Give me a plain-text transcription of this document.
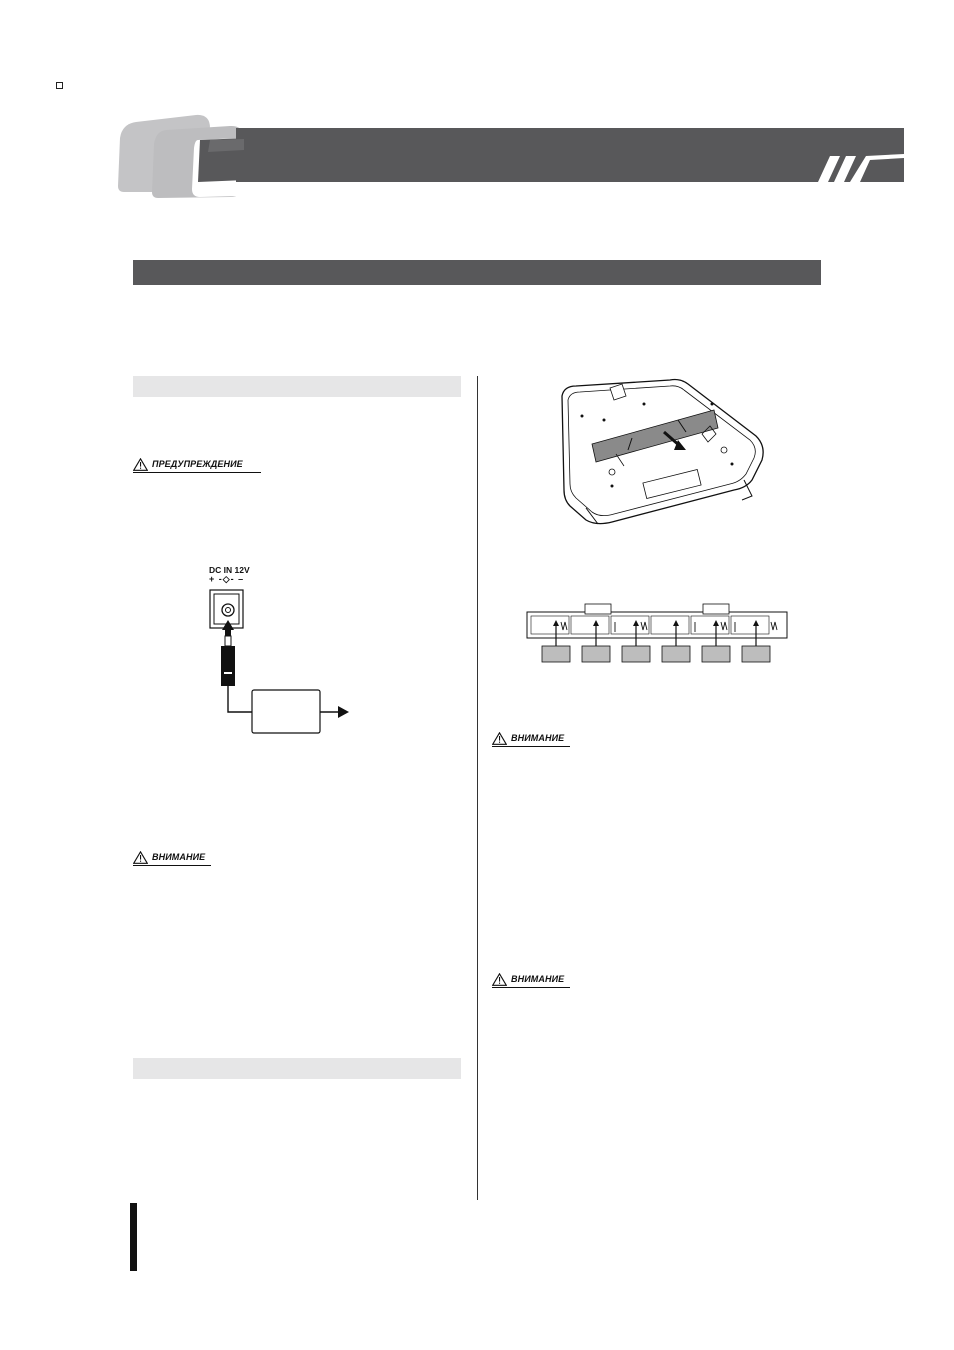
ПРЕДУПРЕЖДЕНИЕ
ВНИМАНИЕ
ВНИМАНИЕ
ВНИМАНИЕ
DC IN 12V
+ -◇- –
